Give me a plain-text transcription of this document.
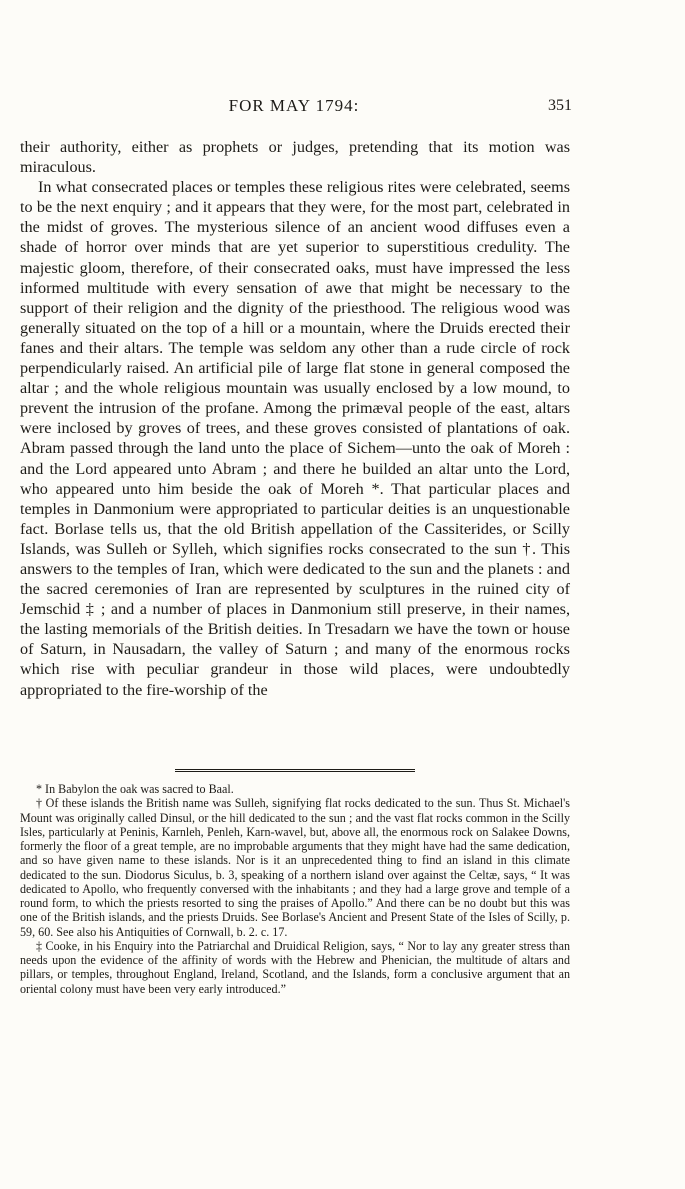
FOR MAY 1794:	351

their authority, either as prophets or judges, pretending that its motion was miraculous.

In what consecrated places or temples these religious rites were celebrated, seems to be the next enquiry ; and it appears that they were, for the most part, celebrated in the midst of groves. The mysterious silence of an ancient wood diffuses even a shade of horror over minds that are yet superior to superstitious credulity. The majestic gloom, therefore, of their consecrated oaks, must have impressed the less informed multitude with every sensation of awe that might be necessary to the support of their religion and the dignity of the priesthood. The religious wood was generally situated on the top of a hill or a mountain, where the Druids erected their fanes and their altars. The temple was seldom any other than a rude circle of rock perpendicularly raised. An artificial pile of large flat stone in general composed the altar ; and the whole religious mountain was usually enclosed by a low mound, to prevent the intrusion of the profane. Among the primæval people of the east, altars were inclosed by groves of trees, and these groves consisted of plantations of oak. Abram passed through the land unto the place of Sichem—unto the oak of Moreh : and the Lord appeared unto Abram ; and there he builded an altar unto the Lord, who appeared unto him beside the oak of Moreh *. That particular places and temples in Danmonium were appropriated to particular deities is an unquestionable fact. Borlase tells us, that the old British appellation of the Cassiterides, or Scilly Islands, was Sulleh or Sylleh, which signifies rocks consecrated to the sun †. This answers to the temples of Iran, which were dedicated to the sun and the planets : and the sacred ceremonies of Iran are represented by sculptures in the ruined city of Jemschid ‡ ; and a number of places in Danmonium still preserve, in their names, the lasting memorials of the British deities. In Tresadarn we have the town or house of Saturn, in Nausadarn, the valley of Saturn ; and many of the enormous rocks which rise with peculiar grandeur in those wild places, were undoubtedly appropriated to the fire-worship of the

* In Babylon the oak was sacred to Baal.

† Of these islands the British name was Sulleh, signifying flat rocks dedicated to the sun. Thus St. Michael's Mount was originally called Dinsul, or the hill dedicated to the sun ; and the vast flat rocks common in the Scilly Isles, particularly at Peninis, Karnleh, Penleh, Karn-wavel, but, above all, the enormous rock on Salakee Downs, formerly the floor of a great temple, are no improbable arguments that they might have had the same dedication, and so have given name to these islands. Nor is it an unprecedented thing to find an island in this climate dedicated to the sun. Diodorus Siculus, b. 3, speaking of a northern island over against the Celtæ, says, “ It was dedicated to Apollo, who frequently conversed with the inhabitants ; and they had a large grove and temple of a round form, to which the priests resorted to sing the praises of Apollo.” And there can be no doubt but this was one of the British islands, and the priests Druids. See Borlase's Ancient and Present State of the Isles of Scilly, p. 59, 60. See also his Antiquities of Cornwall, b. 2. c. 17.

‡ Cooke, in his Enquiry into the Patriarchal and Druidical Religion, says, “ Nor to lay any greater stress than needs upon the evidence of the affinity of words with the Hebrew and Phenician, the multitude of altars and pillars, or temples, throughout England, Ireland, Scotland, and the Islands, form a conclusive argument that an oriental colony must have been very early introduced.”
